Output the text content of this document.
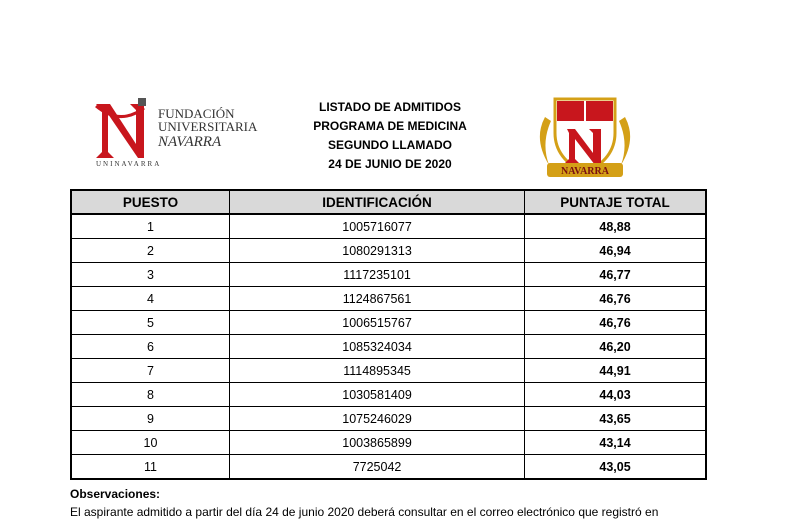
FUNDACIÓN
UNIVERSITARIA
NAVARRA
UNINAVARRA
NAVARRA
LISTADO DE ADMITIDOS
PROGRAMA DE MEDICINA
SEGUNDO LLAMADO
24 DE JUNIO DE 2020
PUESTO	IDENTIFICACIÓN	PUNTAJE TOTAL
1	1005716077	48,88
2	1080291313	46,94
3	1117235101	46,77
4	1124867561	46,76
5	1006515767	46,76
6	1085324034	46,20
7	1114895345	44,91
8	1030581409	44,03
9	1075246029	43,65
10	1003865899	43,14
11	7725042	43,05
Observaciones:
El aspirante admitido a partir del día 24 de junio 2020 deberá consultar en el correo electrónico que registró en
